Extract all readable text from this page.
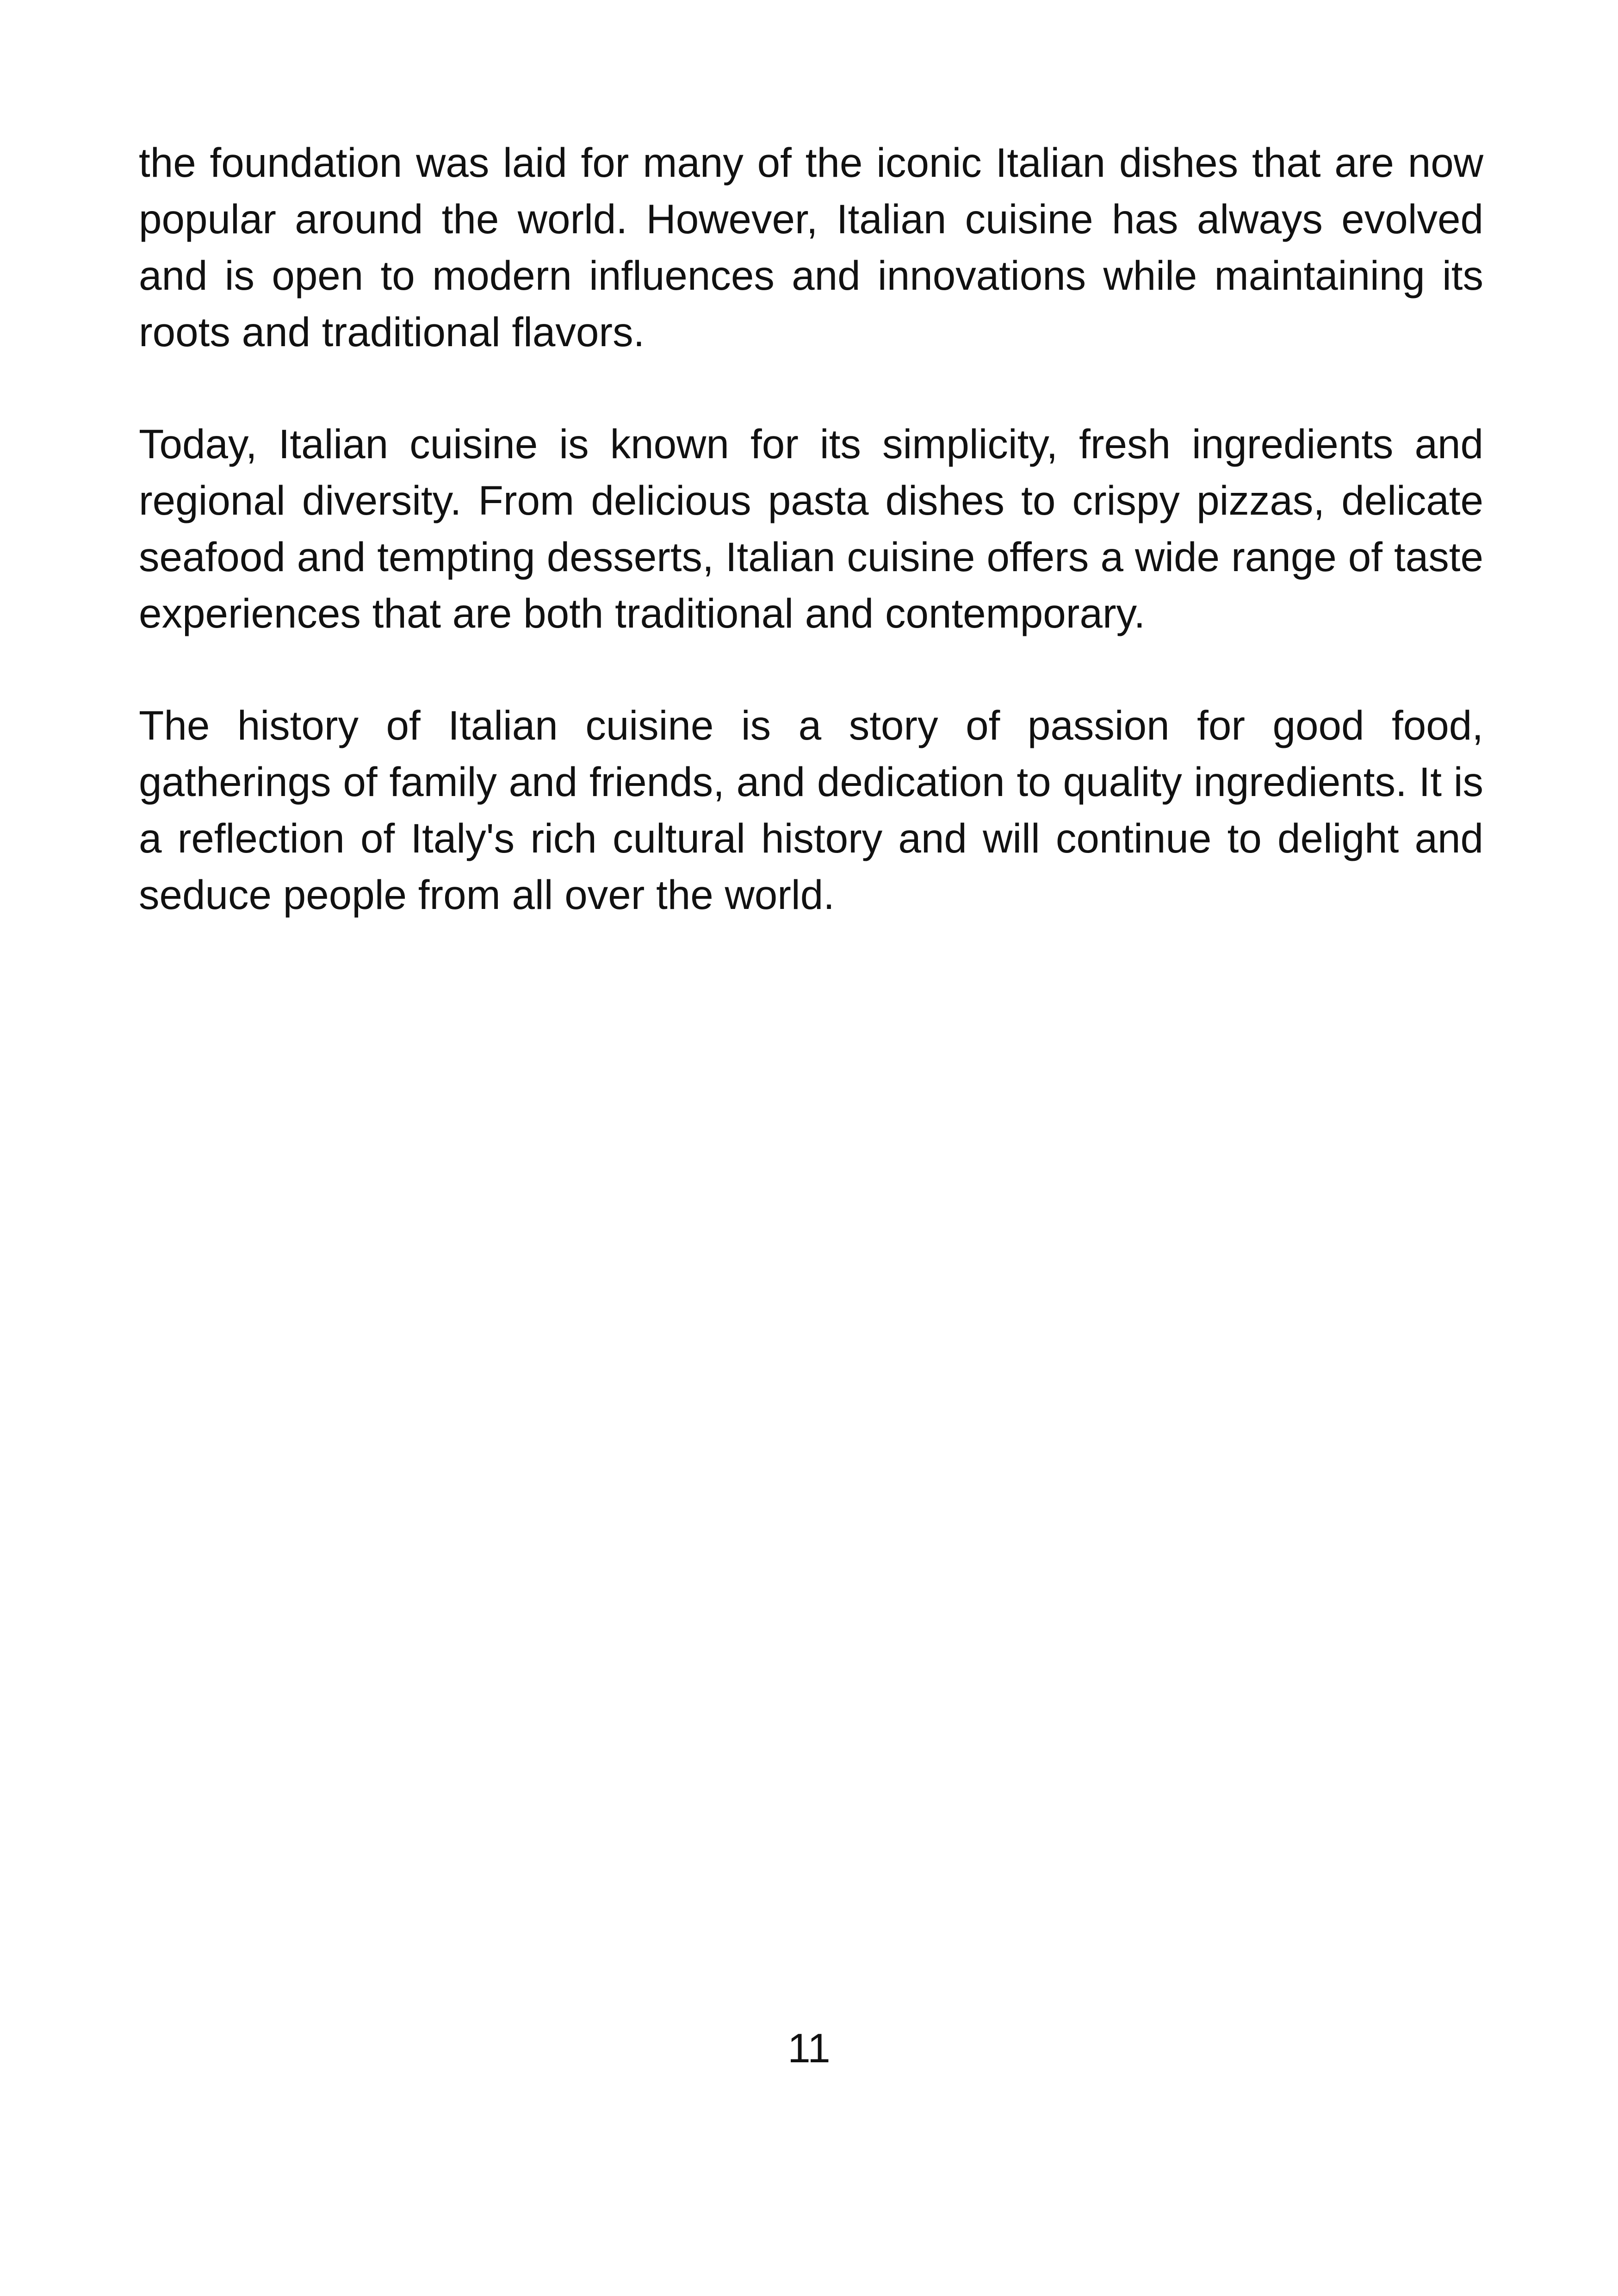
the foundation was laid for many of the iconic Italian dishes that are now popular around the world. However, Italian cuisine has always evolved and is open to modern influences and innovations while maintaining its roots and traditional flavors.

Today, Italian cuisine is known for its simplicity, fresh ingredients and regional diversity. From delicious pasta dishes to crispy pizzas, delicate seafood and tempting desserts, Italian cuisine offers a wide range of taste experiences that are both traditional and contemporary.

The history of Italian cuisine is a story of passion for good food, gatherings of family and friends, and dedication to quality ingredients. It is a reflection of Italy's rich cultural history and will continue to delight and seduce people from all over the world.

11
